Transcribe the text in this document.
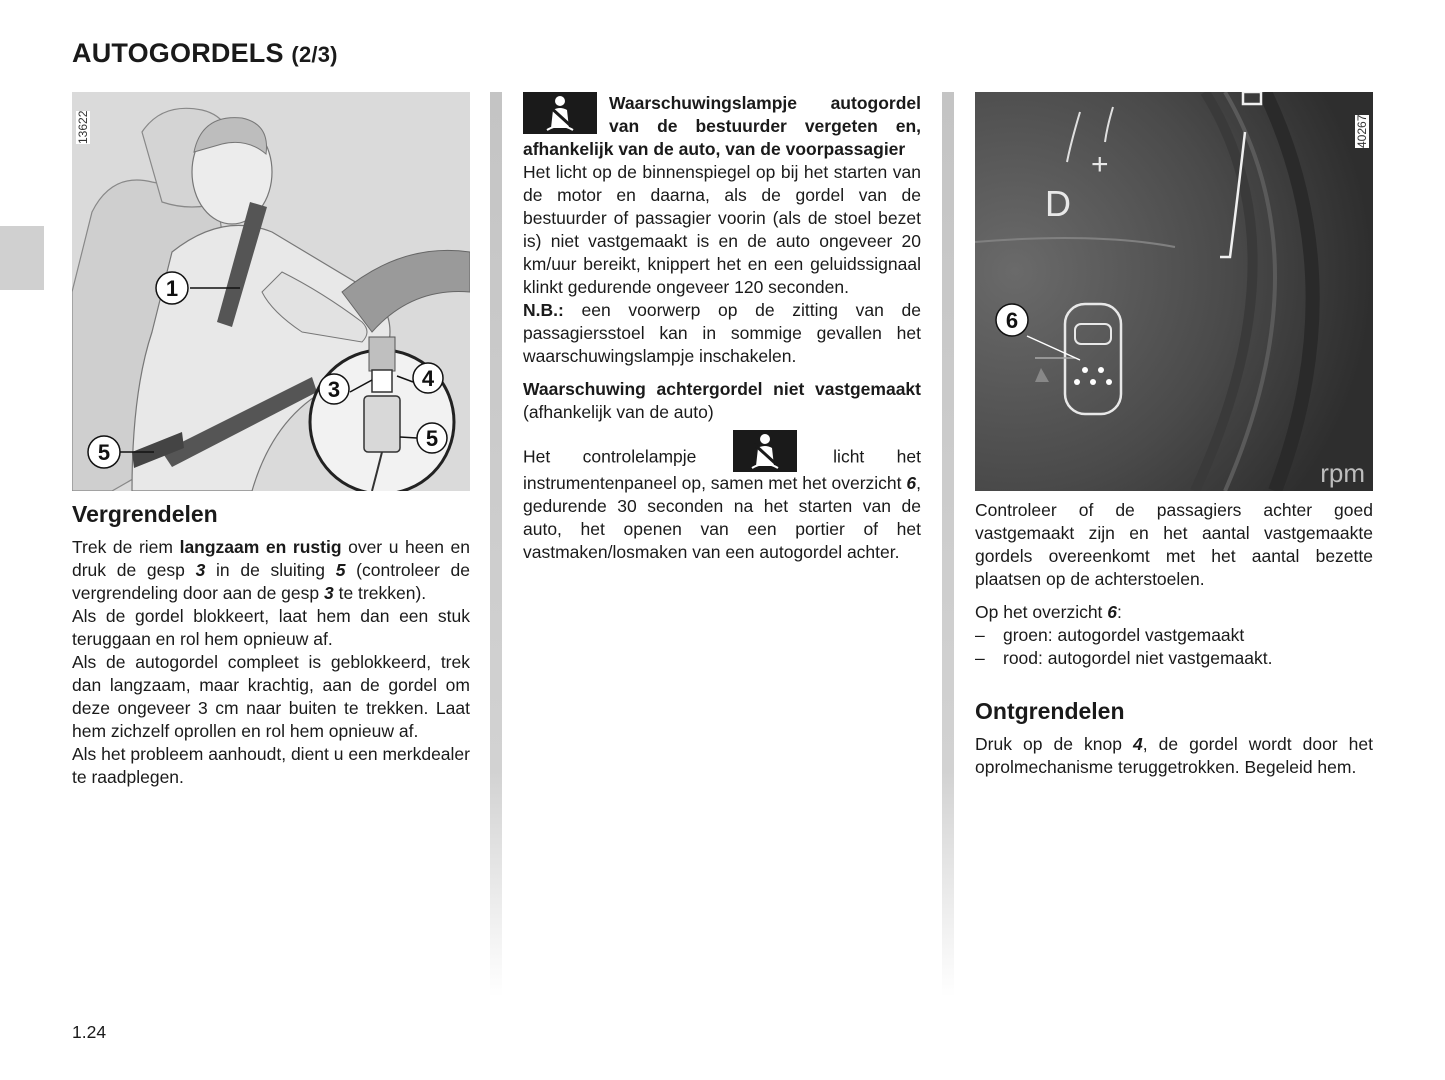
AUTOGORDELS (2/3)
1
3	4
5
5
13622
Vergrendelen

Trek de riem langzaam en rustig over u heen en druk de gesp 3 in de sluiting 5 (controleer de vergrendeling door aan de gesp 3 te trekken).

Als de gordel blokkeert, laat hem dan een stuk teruggaan en rol hem opnieuw af.

Als de autogordel compleet is geblokkeerd, trek dan langzaam, maar krachtig, aan de gordel om deze ongeveer 3 cm naar buiten te trekken. Laat hem zichzelf oprollen en rol hem opnieuw af.

Als het probleem aanhoudt, dient u een merkdealer te raadplegen.

Waarschuwingslampje autogordel van de bestuurder vergeten en, afhankelijk van de auto, van de voorpassagier

Het licht op de binnenspiegel op bij het starten van de motor en daarna, als de gordel van de bestuurder of passagier voorin (als de stoel bezet is) niet vastgemaakt is en de auto ongeveer 20 km/uur bereikt, knippert het en een geluidssignaal klinkt gedurende ongeveer 120 seconden.

N.B.: een voorwerp op de zitting van de passagiersstoel kan in sommige gevallen het waarschuwingslampje inschakelen.

Waarschuwing achtergordel niet vastgemaakt (afhankelijk van de auto)

Het controlelampje	licht het instrumentenpaneel op, samen met het overzicht 6, gedurende 30 seconden na het starten van de auto, het openen van een portier of het vastmaken/losmaken van een autogordel achter.

D
+
6
rpm
40267

Controleer of de passagiers achter goed vastgemaakt zijn en het aantal vastgemaakte gordels overeenkomt met het aantal bezette plaatsen op de achterstoelen.

Op het overzicht 6:

– groen: autogordel vastgemaakt
– rood: autogordel niet vastgemaakt.
Ontgrendelen

Druk op de knop 4, de gordel wordt door het oprolmechanisme teruggetrokken. Begeleid hem.

1.24
